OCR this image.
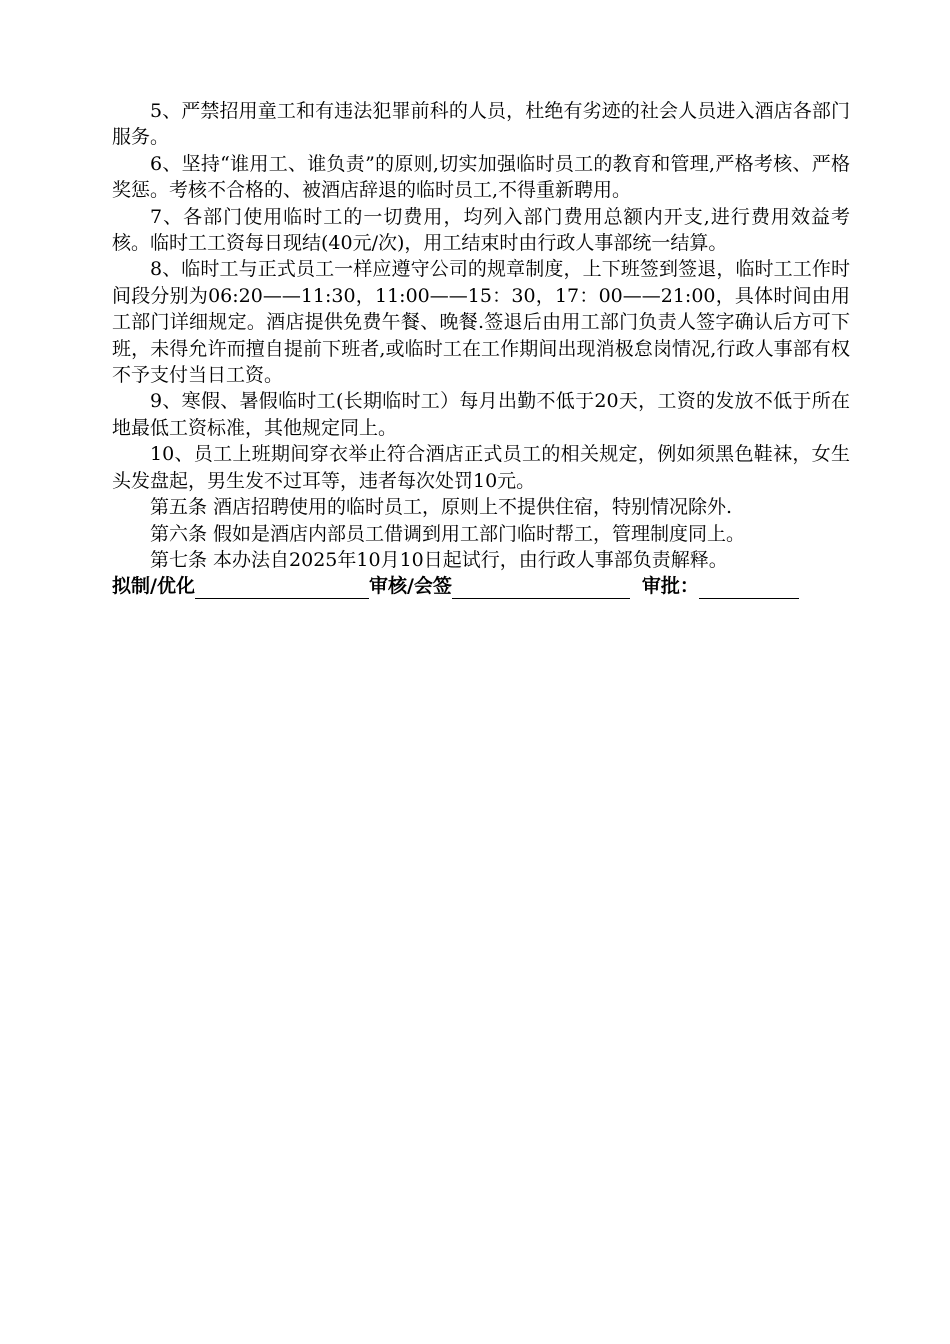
5、严禁招用童工和有违法犯罪前科的人员，杜绝有劣迹的社会人员进入酒店各部门服务。

6、坚持“谁用工、谁负责”的原则,切实加强临时员工的教育和管理,严格考核、严格奖惩。考核不合格的、被酒店辞退的临时员工,不得重新聘用。

7、各部门使用临时工的一切费用，均列入部门费用总额内开支,进行费用效益考核。临时工工资每日现结(40元/次)，用工结束时由行政人事部统一结算。

8、临时工与正式员工一样应遵守公司的规章制度，上下班签到签退，临时工工作时间段分别为06:20——11:30，11:00——15：30，17：00——21:00，具体时间由用工部门详细规定。酒店提供免费午餐、晚餐.签退后由用工部门负责人签字确认后方可下班，未得允许而擅自提前下班者,或临时工在工作期间出现消极怠岗情况,行政人事部有权不予支付当日工资。

9、寒假、暑假临时工(长期临时工）每月出勤不低于20天，工资的发放不低于所在地最低工资标准，其他规定同上。

10、员工上班期间穿衣举止符合酒店正式员工的相关规定，例如须黑色鞋袜，女生头发盘起，男生发不过耳等，违者每次处罚10元。

第五条 酒店招聘使用的临时员工，原则上不提供住宿，特别情况除外.

第六条 假如是酒店内部员工借调到用工部门临时帮工，管理制度同上。

第七条 本办法自2025年10月10日起试行，由行政人事部负责解释。

拟制/优化	审核/会签	审批：
